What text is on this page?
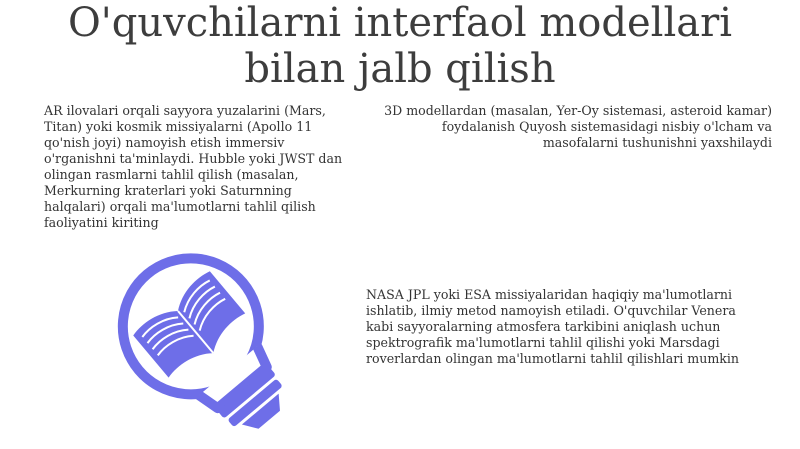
O'quvchilarni interfaol modellari
bilan jalb qilish
AR ilovalari orqali sayyora yuzalarini (Mars, Titan) yoki kosmik missiyalarni (Apollo 11 qo'nish joyi) namoyish etish immersiv o'rganishni ta'minlaydi. Hubble yoki JWST dan olingan rasmlarni tahlil qilish (masalan, Merkurning kraterlari yoki Saturnning halqalari) orqali ma'lumotlarni tahlil qilish faoliyatini kiriting
3D modellardan (masalan, Yer-Oy sistemasi, asteroid kamar) foydalanish Quyosh sistemasidagi nisbiy o'lcham va masofalarni tushunishni yaxshilaydi
NASA JPL yoki ESA missiyalaridan haqiqiy ma'lumotlarni ishlatib, ilmiy metod namoyish etiladi. O'quvchilar Venera kabi sayyoralarning atmosfera tarkibini aniqlash uchun spektrografik ma'lumotlarni tahlil qilishi yoki Marsdagi roverlardan olingan ma'lumotlarni tahlil qilishlari mumkin
